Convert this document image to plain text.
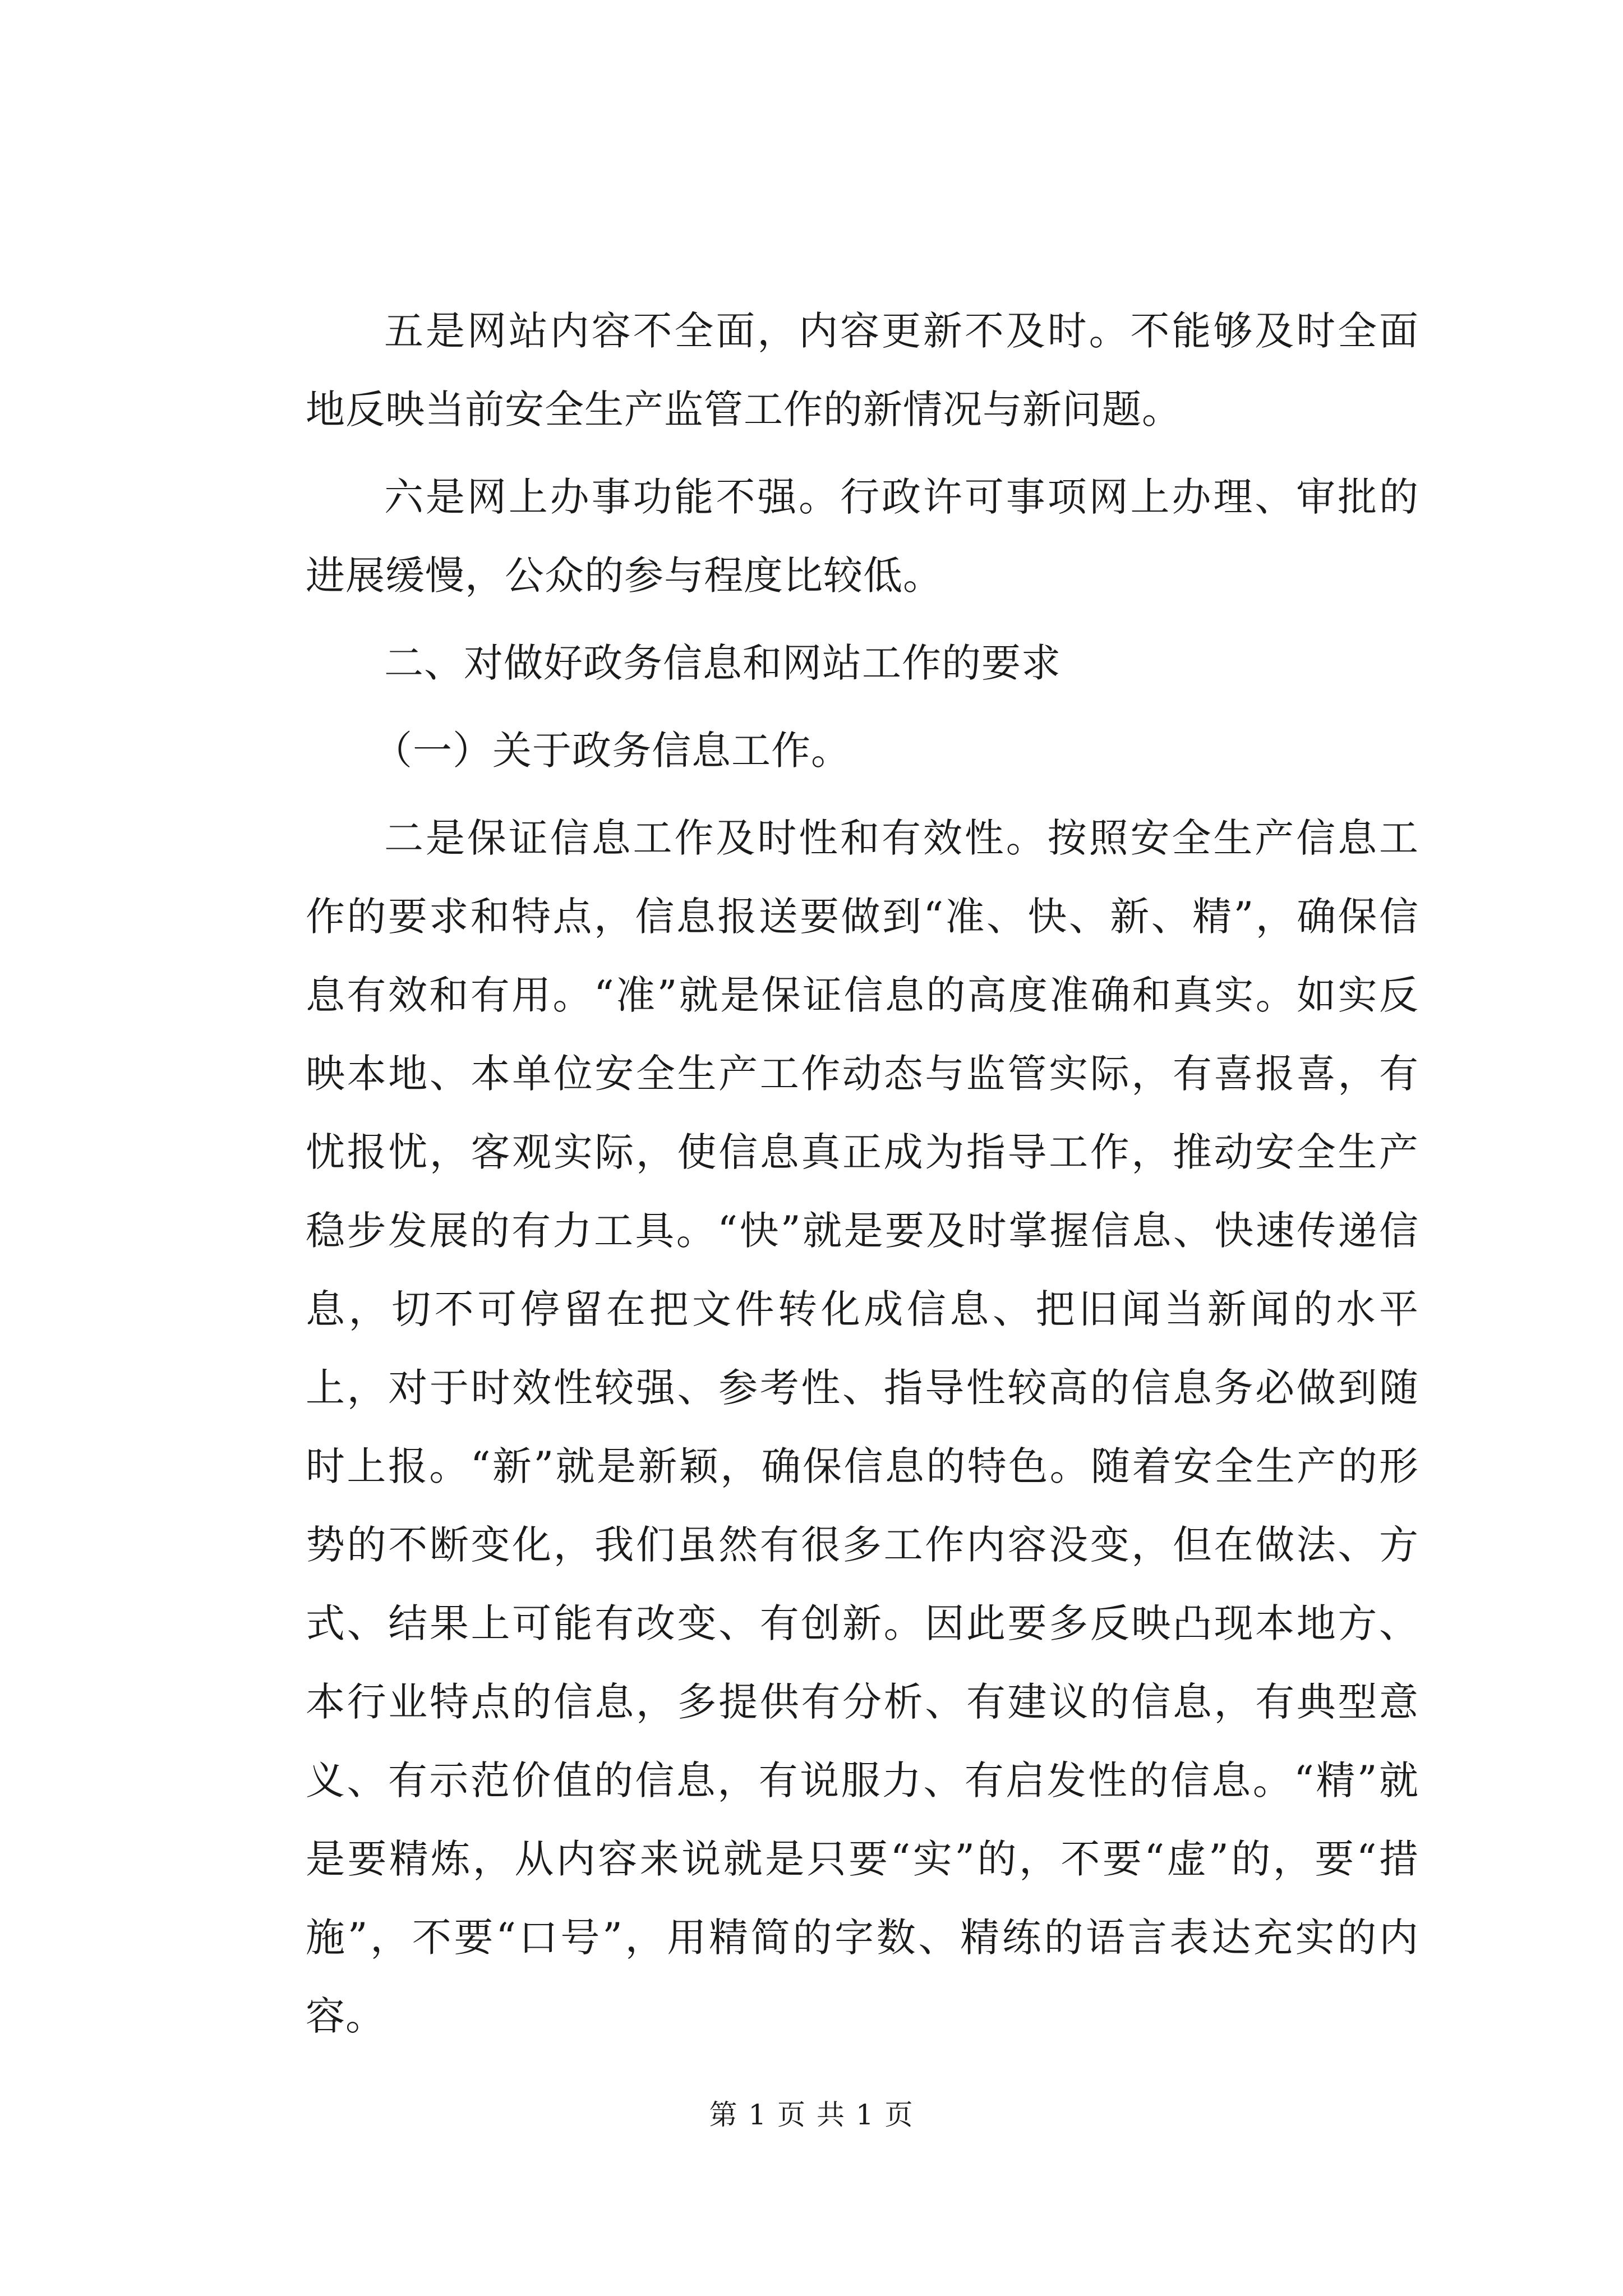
五是网站内容不全面，内容更新不及时。不能够及时全面地反映当前安全生产监管工作的新情况与新问题。

六是网上办事功能不强。行政许可事项网上办理、审批的进展缓慢，公众的参与程度比较低。

二、对做好政务信息和网站工作的要求

（一）关于政务信息工作。

二是保证信息工作及时性和有效性。按照安全生产信息工作的要求和特点，信息报送要做到“准、快、新、精”，确保信息有效和有用。“准”就是保证信息的高度准确和真实。如实反映本地、本单位安全生产工作动态与监管实际，有喜报喜，有忧报忧，客观实际，使信息真正成为指导工作，推动安全生产稳步发展的有力工具。“快”就是要及时掌握信息、快速传递信息，切不可停留在把文件转化成信息、把旧闻当新闻的水平上，对于时效性较强、参考性、指导性较高的信息务必做到随时上报。“新”就是新颖，确保信息的特色。随着安全生产的形势的不断变化，我们虽然有很多工作内容没变，但在做法、方式、结果上可能有改变、有创新。因此要多反映凸现本地方、本行业特点的信息，多提供有分析、有建议的信息，有典型意义、有示范价值的信息，有说服力、有启发性的信息。“精”就是要精炼，从内容来说就是只要“实”的，不要“虚”的，要“措施”，不要“口号”，用精简的字数、精练的语言表达充实的内容。

第 1 页 共 1 页
